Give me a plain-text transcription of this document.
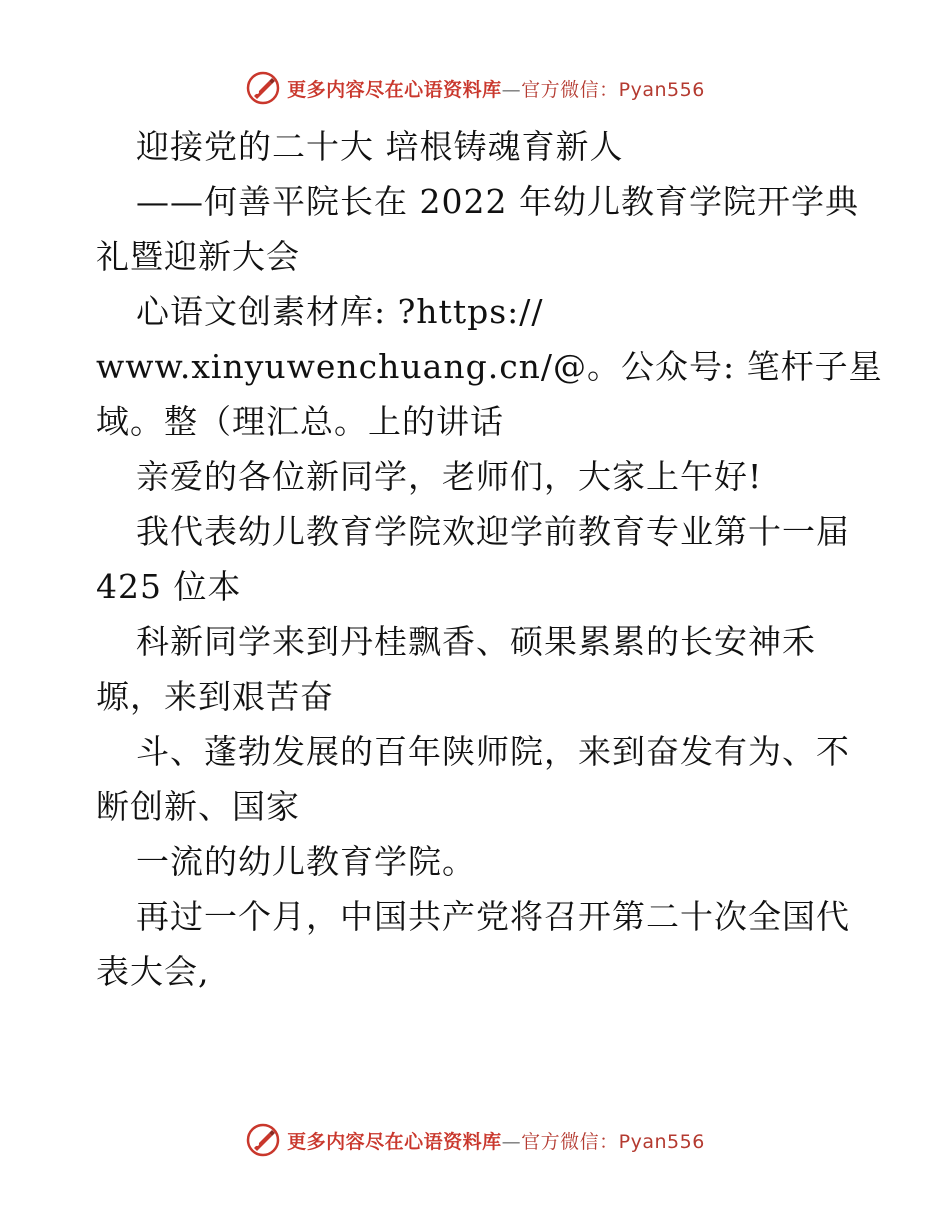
更多内容尽在心语资料库—官方微信：Pyan556
迎接党的二十大 培根铸魂育新人
——何善平院长在 2022 年幼儿教育学院开学典
礼暨迎新大会
心语文创素材库: ?https://
www.xinyuwenchuang.cn/@。公众号: 笔杆子星
域。整（理汇总。上的讲话
亲爱的各位新同学，老师们，大家上午好!
我代表幼儿教育学院欢迎学前教育专业第十一届
425 位本
科新同学来到丹桂飘香、硕果累累的长安神禾
塬，来到艰苦奋
斗、蓬勃发展的百年陕师院，来到奋发有为、不
断创新、国家
一流的幼儿教育学院。
再过一个月，中国共产党将召开第二十次全国代
表大会,
更多内容尽在心语资料库—官方微信：Pyan556
